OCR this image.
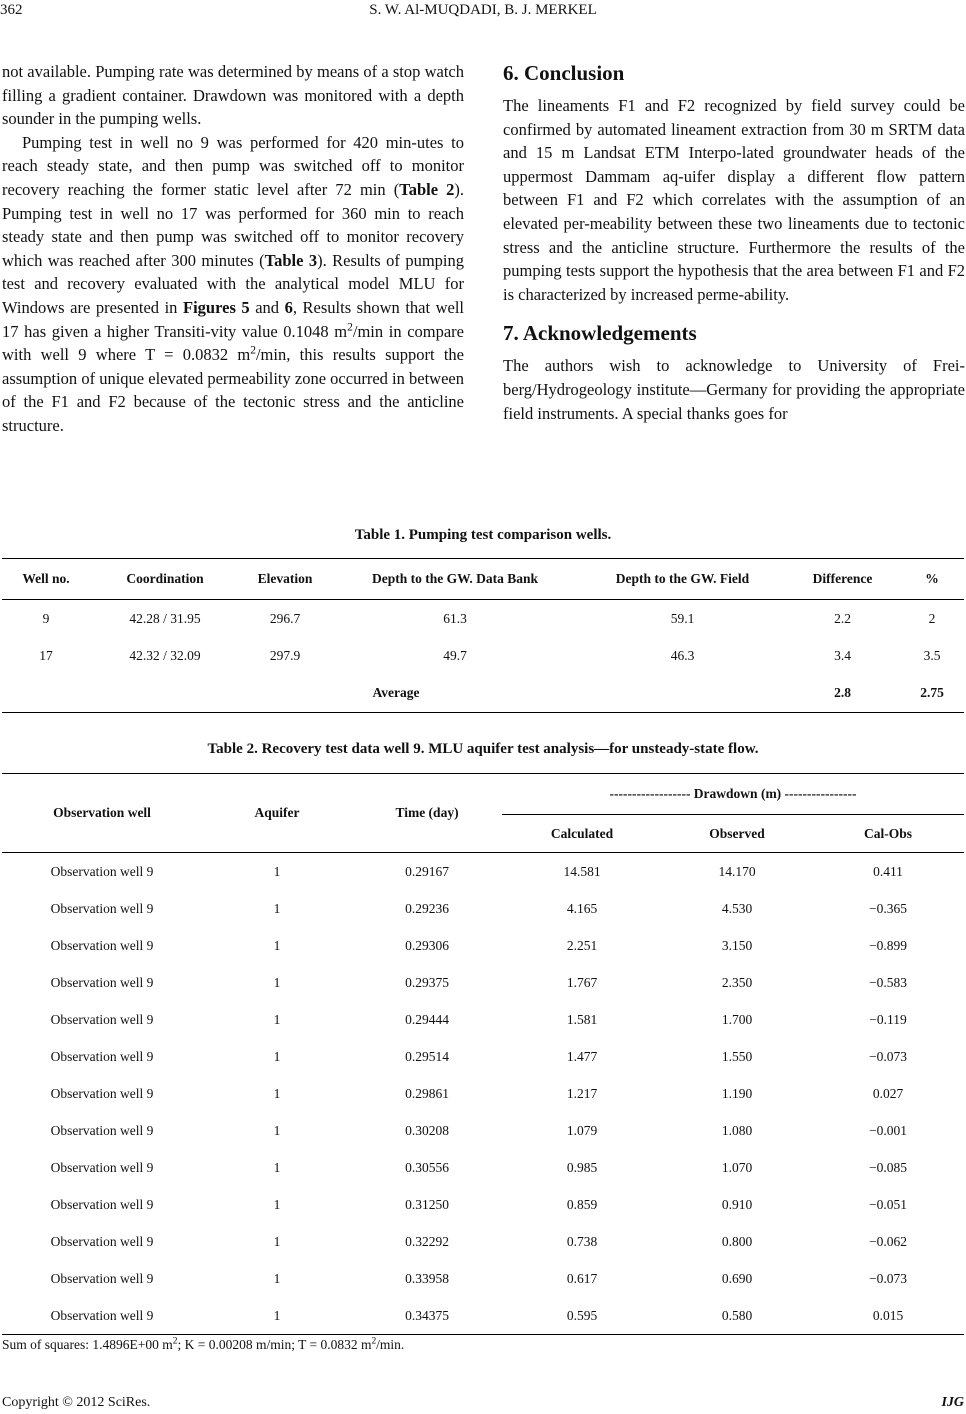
362	S. W. Al-MUQDADI, B. J. MERKEL

not available. Pumping rate was determined by means of a stop watch filling a gradient container. Drawdown was monitored with a depth sounder in the pumping wells.

Pumping test in well no 9 was performed for 420 min-utes to reach steady state, and then pump was switched off to monitor recovery reaching the former static level after 72 min (Table 2). Pumping test in well no 17 was performed for 360 min to reach steady state and then pump was switched off to monitor recovery which was reached after 300 minutes (Table 3). Results of pumping test and recovery evaluated with the analytical model MLU for Windows are presented in Figures 5 and 6, Results shown that well 17 has given a higher Transiti-vity value 0.1048 $m^2/\min$ in compare with well 9 where T = 0.0832 $m^2/\min$, this results support the assumption of unique elevated permeability zone occurred in between of the F1 and F2 because of the tectonic stress and the anticline structure.

6. Conclusion

The lineaments F1 and F2 recognized by field survey could be confirmed by automated lineament extraction from 30 m SRTM data and 15 m Landsat ETM Interpo-lated groundwater heads of the uppermost Dammam aq-uifer display a different flow pattern between F1 and F2 which correlates with the assumption of an elevated per-meability between these two lineaments due to tectonic stress and the anticline structure. Furthermore the results of the pumping tests support the hypothesis that the area between F1 and F2 is characterized by increased perme-ability.

7. Acknowledgements

The authors wish to acknowledge to University of Frei-berg/Hydrogeology institute—Germany for providing the appropriate field instruments. A special thanks goes for

Table 1. Pumping test comparison wells.
Well no.	Coordination	Elevation	Depth to the GW. Data Bank	Depth to the GW. Field	Difference	%
9	42.28 / 31.95	296.7	61.3	59.1	2.2	2
17	42.32 / 32.09	297.9	49.7	46.3	3.4	3.5
Average					2.8	2.75
Table 2. Recovery test data well 9. MLU aquifer test analysis—for unsteady-state flow.
Observation well	Aquifer	Time (day)	------------------ Drawdown (m) ----------------		
			Calculated	Observed	Cal-Obs
Observation well 9	1	0.29167	14.581	14.170	0.411
Observation well 9	1	0.29236	4.165	4.530	−0.365
Observation well 9	1	0.29306	2.251	3.150	−0.899
Observation well 9	1	0.29375	1.767	2.350	−0.583
Observation well 9	1	0.29444	1.581	1.700	−0.119
Observation well 9	1	0.29514	1.477	1.550	−0.073
Observation well 9	1	0.29861	1.217	1.190	0.027
Observation well 9	1	0.30208	1.079	1.080	−0.001
Observation well 9	1	0.30556	0.985	1.070	−0.085
Observation well 9	1	0.31250	0.859	0.910	−0.051
Observation well 9	1	0.32292	0.738	0.800	−0.062
Observation well 9	1	0.33958	0.617	0.690	−0.073
Observation well 9	1	0.34375	0.595	0.580	0.015
Sum of squares: 1.4896E+00 $m^2$; K = 0.00208 m/min; T = 0.0832 $m^2/\min$.
Copyright © 2012 SciRes.	IJG
